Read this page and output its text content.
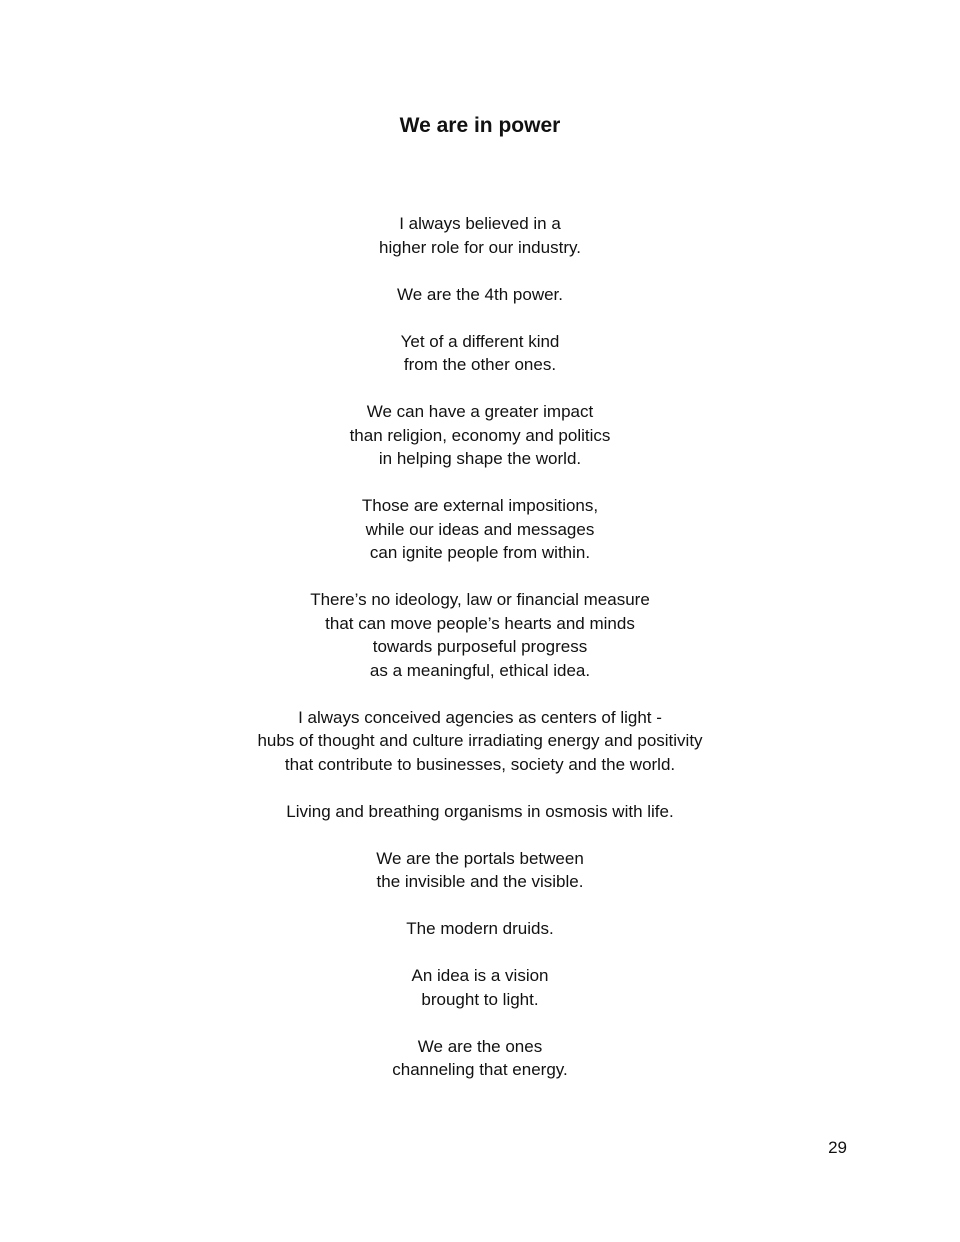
We are in power

I always believed in a
higher role for our industry.

We are the 4th power.

Yet of a different kind
from the other ones.

We can have a greater impact
than religion, economy and politics
in helping shape the world.

Those are external impositions,
while our ideas and messages
can ignite people from within.

There’s no ideology, law or financial measure
that can move people’s hearts and minds
towards purposeful progress
as a meaningful, ethical idea.

I always conceived agencies as centers of light -
hubs of thought and culture irradiating energy and positivity
that contribute to businesses, society and the world.

Living and breathing organisms in osmosis with life.

We are the portals between
the invisible and the visible.

The modern druids.

An idea is a vision
brought to light.

We are the ones
channeling that energy.

29
